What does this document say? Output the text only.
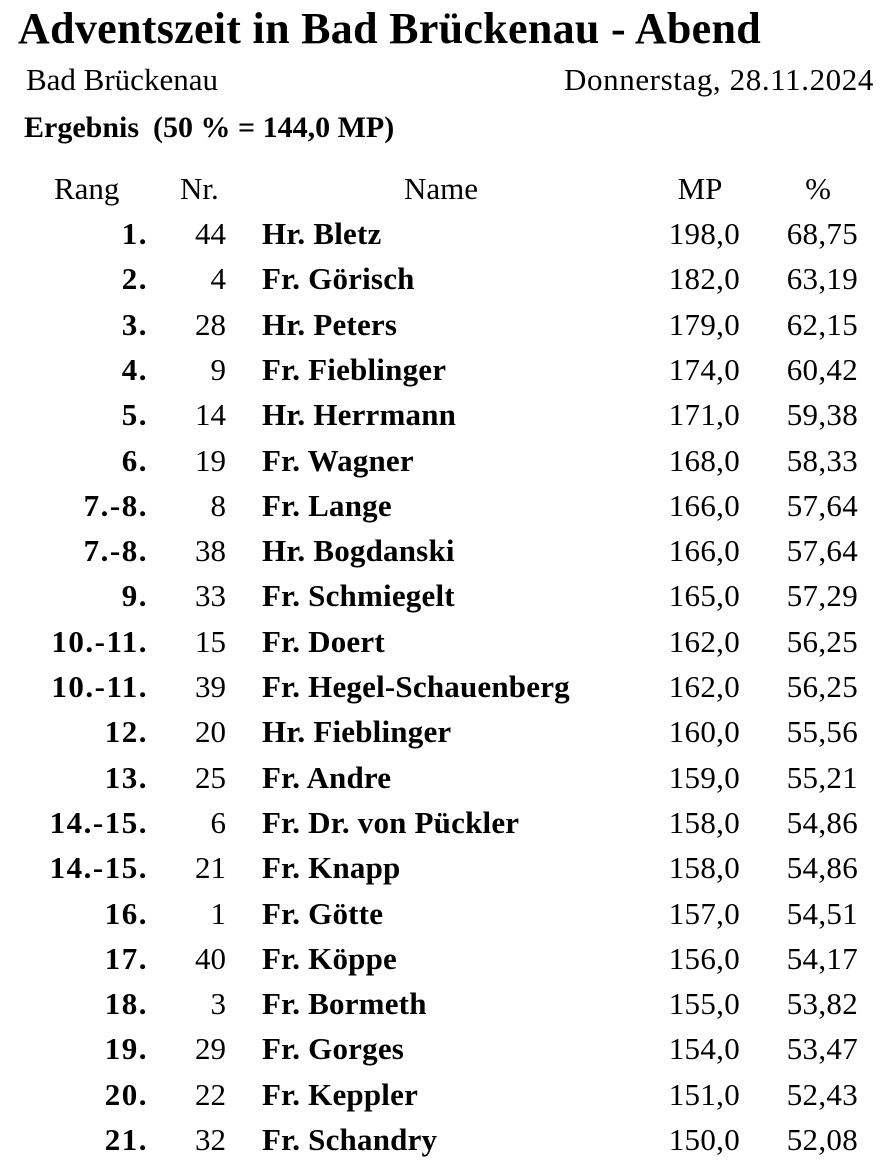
Adventszeit in Bad Brückenau - Abend
Bad Brückenau	Donnerstag, 28.11.2024
Ergebnis (50 % = 144,0 MP)
Rang	Nr.	Name	MP	%
1. 44 Hr. Bletz	198,0 68,75
2. 4 Fr. Görisch	182,0 63,19
3. 28 Hr. Peters	179,0 62,15
4. 9 Fr. Fieblinger	174,0 60,42
5. 14 Hr. Herrmann	171,0 59,38
6. 19 Fr. Wagner	168,0 58,33
7.-8. 8 Fr. Lange	166,0 57,64
7.-8. 38 Hr. Bogdanski	166,0 57,64
9. 33 Fr. Schmiegelt	165,0 57,29
10.-11. 15 Fr. Doert	162,0 56,25
10.-11. 39 Fr. Hegel-Schauenberg	162,0 56,25
12. 20 Hr. Fieblinger	160,0 55,56
13. 25 Fr. Andre	159,0 55,21
14.-15. 6 Fr. Dr. von Pückler	158,0 54,86
14.-15. 21 Fr. Knapp	158,0 54,86
16. 1 Fr. Götte	157,0 54,51
17. 40 Fr. Köppe	156,0 54,17
18. 3 Fr. Bormeth	155,0 53,82
19. 29 Fr. Gorges	154,0 53,47
20. 22 Fr. Keppler	151,0 52,43
21. 32 Fr. Schandry	150,0 52,08
